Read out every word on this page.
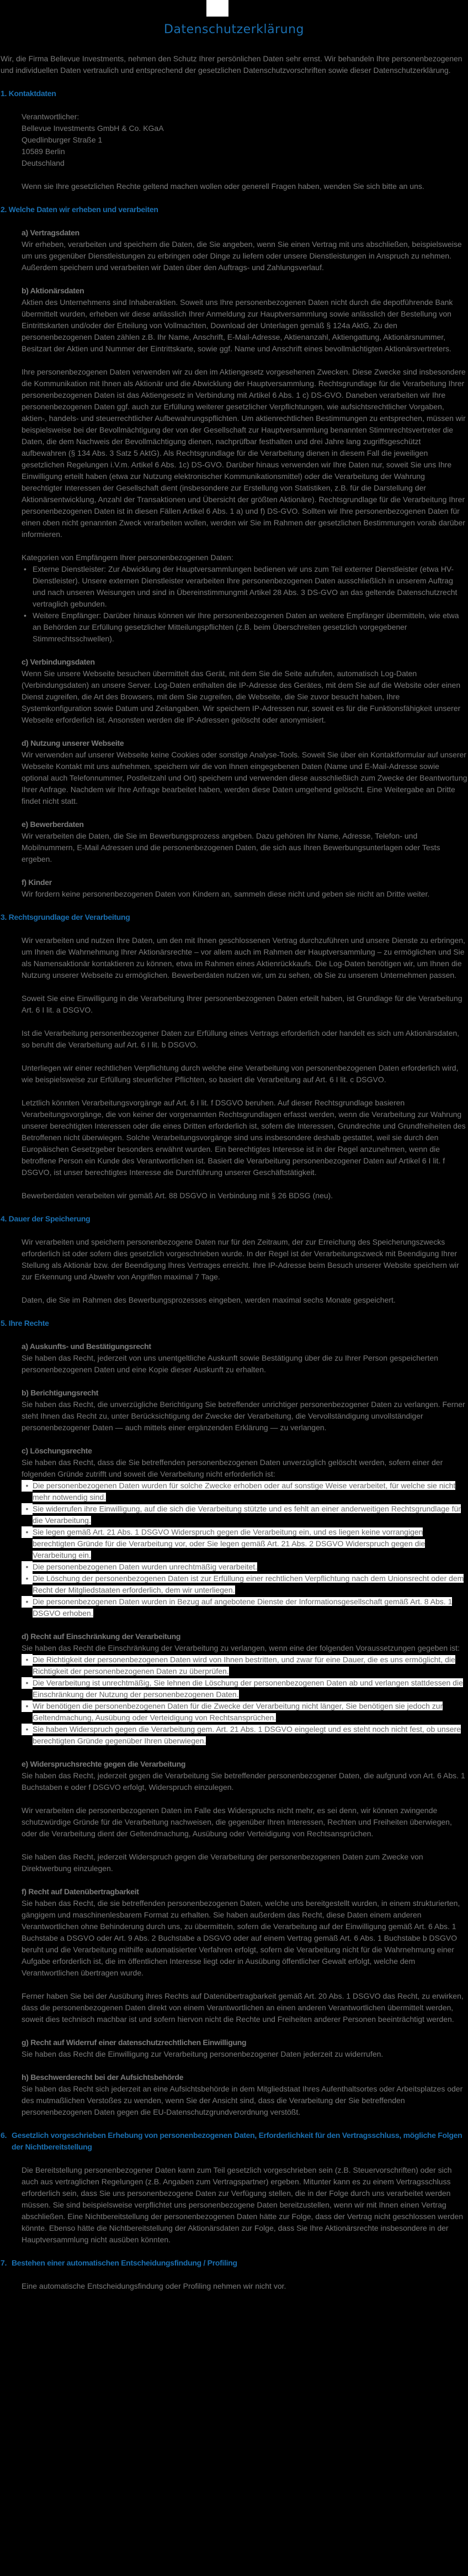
Datenschutzerklärung

Wir, die Firma Bellevue Investments, nehmen den Schutz Ihrer persönlichen Daten sehr ernst. Wir behandeln Ihre personenbezogenen und individuellen Daten vertraulich und entsprechend der gesetzlichen Datenschutzvorschriften sowie dieser Datenschutzerklärung.

1. Kontaktdaten
Verantwortlicher:
Bellevue Investments GmbH & Co. KGaA
Quedlinburger Straße 1
10589 Berlin
Deutschland

Wenn sie Ihre gesetzlichen Rechte geltend machen wollen oder generell Fragen haben, wenden Sie sich bitte an uns.

2. Welche Daten wir erheben und verarbeiten
a) Vertragsdaten

Wir erheben, verarbeiten und speichern die Daten, die Sie angeben, wenn Sie einen Vertrag mit uns abschließen, beispielsweise um uns gegenüber Dienstleistungen zu erbringen oder Dinge zu liefern oder unsere Dienstleistungen in Anspruch zu nehmen. Außerdem speichern und verarbeiten wir Daten über den Auftrags- und Zahlungsverlauf.

b) Aktionärsdaten

Aktien des Unternehmens sind Inhaberaktien. Soweit uns Ihre personenbezogenen Daten nicht durch die depotführende Bank übermittelt wurden, erheben wir diese anlässlich Ihrer Anmeldung zur Hauptversammlung sowie anlässlich der Bestellung von Eintrittskarten und/oder der Erteilung von Vollmachten, Download der Unterlagen gemäß § 124a AktG, Zu den personenbezogenen Daten zählen z.B. Ihr Name, Anschrift, E-Mail-Adresse, Aktienanzahl, Aktiengattung, Aktionärsnummer, Besitzart der Aktien und Nummer der Eintrittskarte, sowie ggf. Name und Anschrift eines bevollmächtigten Aktionärsvertreters.

Ihre personenbezogenen Daten verwenden wir zu den im Aktiengesetz vorgesehenen Zwecken. Diese Zwecke sind insbesondere die Kommunikation mit Ihnen als Aktionär und die Abwicklung der Hauptversammlung. Rechtsgrundlage für die Verarbeitung Ihrer personenbezogenen Daten ist das Aktiengesetz in Verbindung mit Artikel 6 Abs. 1 c) DS-GVO. Daneben verarbeiten wir Ihre personenbezogenen Daten ggf. auch zur Erfüllung weiterer gesetzlicher Verpflichtungen, wie aufsichtsrechtlicher Vorgaben, aktien-, handels- und steuerrechtlicher Aufbewahrungspflichten. Um aktienrechtlichen Bestimmungen zu entsprechen, müssen wir beispielsweise bei der Bevollmächtigung der von der Gesellschaft zur Hauptversammlung benannten Stimmrechtsvertreter die Daten, die dem Nachweis der Bevollmächtigung dienen, nachprüfbar festhalten und drei Jahre lang zugriffsgeschützt aufbewahren (§ 134 Abs. 3 Satz 5 AktG). Als Rechtsgrundlage für die Verarbeitung dienen in diesem Fall die jeweiligen gesetzlichen Regelungen i.V.m. Artikel 6 Abs. 1c) DS-GVO. Darüber hinaus verwenden wir Ihre Daten nur, soweit Sie uns Ihre Einwilligung erteilt haben (etwa zur Nutzung elektronischer Kommunikationsmittel) oder die Verarbeitung der Wahrung berechtigter Interessen der Gesellschaft dient (insbesondere zur Erstellung von Statistiken, z.B. für die Darstellung der Aktionärsentwicklung, Anzahl der Transaktionen und Übersicht der größten Aktionäre). Rechtsgrundlage für die Verarbeitung Ihrer personenbezogenen Daten ist in diesen Fällen Artikel 6 Abs. 1 a) und f) DS-GVO. Sollten wir Ihre personenbezogenen Daten für einen oben nicht genannten Zweck verarbeiten wollen, werden wir Sie im Rahmen der gesetzlichen Bestimmungen vorab darüber informieren.

Kategorien von Empfängern Ihrer personenbezogenen Daten:

• Externe Dienstleister: Zur Abwicklung der Hauptversammlungen bedienen wir uns zum Teil externer Dienstleister (etwa HV-Dienstleister). Unsere externen Dienstleister verarbeiten Ihre personenbezogenen Daten ausschließlich in unserem Auftrag und nach unseren Weisungen und sind in Übereinstimmungmit Artikel 28 Abs. 3 DS-GVO an das geltende Datenschutzrecht vertraglich gebunden.
• Weitere Empfänger: Darüber hinaus können wir Ihre personenbezogenen Daten an weitere Empfänger übermitteln, wie etwa an Behörden zur Erfüllung gesetzlicher Mitteilungspflichten (z.B. beim Überschreiten gesetzlich vorgegebener Stimmrechtsschwellen).
c) Verbindungsdaten

Wenn Sie unsere Webseite besuchen übermittelt das Gerät, mit dem Sie die Seite aufrufen, automatisch Log-Daten (Verbindungsdaten) an unsere Server. Log-Daten enthalten die IP-Adresse des Gerätes, mit dem Sie auf die Website oder einen Dienst zugreifen, die Art des Browsers, mit dem Sie zugreifen, die Webseite, die Sie zuvor besucht haben, Ihre Systemkonfiguration sowie Datum und Zeitangaben. Wir speichern IP-Adressen nur, soweit es für die Funktionsfähigkeit unserer Webseite erforderlich ist. Ansonsten werden die IP-Adressen gelöscht oder anonymisiert.

d) Nutzung unserer Webseite

Wir verwenden auf unserer Webseite keine Cookies oder sonstige Analyse-Tools. Soweit Sie über ein Kontaktformular auf unserer Webseite Kontakt mit uns aufnehmen, speichern wir die von Ihnen eingegebenen Daten (Name und E-Mail-Adresse sowie optional auch Telefonnummer, Postleitzahl und Ort) speichern und verwenden diese ausschließlich zum Zwecke der Beantwortung Ihrer Anfrage. Nachdem wir Ihre Anfrage bearbeitet haben, werden diese Daten umgehend gelöscht. Eine Weitergabe an Dritte findet nicht statt.

e) Bewerberdaten

Wir verarbeiten die Daten, die Sie im Bewerbungsprozess angeben. Dazu gehören Ihr Name, Adresse, Telefon- und Mobilnummern, E-Mail Adressen und die personenbezogenen Daten, die sich aus Ihren Bewerbungsunterlagen oder Tests ergeben.

f) Kinder

Wir fordern keine personenbezogenen Daten von Kindern an, sammeln diese nicht und geben sie nicht an Dritte weiter.

3. Rechtsgrundlage der Verarbeitung

Wir verarbeiten und nutzen Ihre Daten, um den mit Ihnen geschlossenen Vertrag durchzuführen und unsere Dienste zu erbringen, um Ihnen die Wahrnehmung Ihrer Aktionärsrechte – vor allem auch im Rahmen der Hauptversammlung – zu ermöglichen und Sie als Namensaktionär kontaktieren zu können, etwa im Rahmen eines Aktienrückkaufs. Die Log-Daten benötigen wir, um Ihnen die Nutzung unserer Webseite zu ermöglichen. Bewerberdaten nutzen wir, um zu sehen, ob Sie zu unserem Unternehmen passen.

Soweit Sie eine Einwilligung in die Verarbeitung Ihrer personenbezogenen Daten erteilt haben, ist Grundlage für die Verarbeitung Art. 6 I lit. a DSGVO.

Ist die Verarbeitung personenbezogener Daten zur Erfüllung eines Vertrags erforderlich oder handelt es sich um Aktionärsdaten, so beruht die Verarbeitung auf Art. 6 I lit. b DSGVO.

Unterliegen wir einer rechtlichen Verpflichtung durch welche eine Verarbeitung von personenbezogenen Daten erforderlich wird, wie beispielsweise zur Erfüllung steuerlicher Pflichten, so basiert die Verarbeitung auf Art. 6 I lit. c DSGVO.

Letztlich könnten Verarbeitungsvorgänge auf Art. 6 I lit. f DSGVO beruhen. Auf dieser Rechtsgrundlage basieren Verarbeitungsvorgänge, die von keiner der vorgenannten Rechtsgrundlagen erfasst werden, wenn die Verarbeitung zur Wahrung unserer berechtigten Interessen oder die eines Dritten erforderlich ist, sofern die Interessen, Grundrechte und Grundfreiheiten des Betroffenen nicht überwiegen. Solche Verarbeitungsvorgänge sind uns insbesondere deshalb gestattet, weil sie durch den Europäischen Gesetzgeber besonders erwähnt wurden. Ein berechtigtes Interesse ist in der Regel anzunehmen, wenn die betroffene Person ein Kunde des Verantwortlichen ist. Basiert die Verarbeitung personenbezogener Daten auf Artikel 6 I lit. f DSGVO, ist unser berechtigtes Interesse die Durchführung unserer Geschäftstätigkeit.

Bewerberdaten verarbeiten wir gemäß Art. 88 DSGVO in Verbindung mit § 26 BDSG (neu).

4. Dauer der Speicherung

Wir verarbeiten und speichern personenbezogene Daten nur für den Zeitraum, der zur Erreichung des Speicherungszwecks erforderlich ist oder sofern dies gesetzlich vorgeschrieben wurde. In der Regel ist der Verarbeitungszweck mit Beendigung Ihrer Stellung als Aktionär bzw. der Beendigung Ihres Vertrages erreicht. Ihre IP-Adresse beim Besuch unserer Website speichern wir zur Erkennung und Abwehr von Angriffen maximal 7 Tage.

Daten, die Sie im Rahmen des Bewerbungsprozesses eingeben, werden maximal sechs Monate gespeichert.

5. Ihre Rechte
a) Auskunfts- und Bestätigungsrecht

Sie haben das Recht, jederzeit von uns unentgeltliche Auskunft sowie Bestätigung über die zu Ihrer Person gespeicherten personenbezogenen Daten und eine Kopie dieser Auskunft zu erhalten.

b) Berichtigungsrecht

Sie haben das Recht, die unverzügliche Berichtigung Sie betreffender unrichtiger personenbezogener Daten zu verlangen. Ferner steht Ihnen das Recht zu, unter Berücksichtigung der Zwecke der Verarbeitung, die Vervollständigung unvollständiger personenbezogener Daten — auch mittels einer ergänzenden Erklärung — zu verlangen.

c) Löschungsrechte

Sie haben das Recht, dass die Sie betreffenden personenbezogenen Daten unverzüglich gelöscht werden, sofern einer der folgenden Gründe zutrifft und soweit die Verarbeitung nicht erforderlich ist:

• Die personenbezogenen Daten wurden für solche Zwecke erhoben oder auf sonstige Weise verarbeitet, für welche sie nicht mehr notwendig sind.
• Sie widerrufen ihre Einwilligung, auf die sich die Verarbeitung stützte und es fehlt an einer anderweitigen Rechtsgrundlage für die Verarbeitung.
• Sie legen gemäß Art. 21 Abs. 1 DSGVO Widerspruch gegen die Verarbeitung ein, und es liegen keine vorrangigen berechtigten Gründe für die Verarbeitung vor, oder Sie legen gemäß Art. 21 Abs. 2 DSGVO Widerspruch gegen die Verarbeitung ein.
• Die personenbezogenen Daten wurden unrechtmäßig verarbeitet.
• Die Löschung der personenbezogenen Daten ist zur Erfüllung einer rechtlichen Verpflichtung nach dem Unionsrecht oder dem Recht der Mitgliedstaaten erforderlich, dem wir unterliegen.
• Die personenbezogenen Daten wurden in Bezug auf angebotene Dienste der Informationsgesellschaft gemäß Art. 8 Abs. 1 DSGVO erhoben.
d) Recht auf Einschränkung der Verarbeitung

Sie haben das Recht die Einschränkung der Verarbeitung zu verlangen, wenn eine der folgenden Voraussetzungen gegeben ist:

• Die Richtigkeit der personenbezogenen Daten wird von Ihnen bestritten, und zwar für eine Dauer, die es uns ermöglicht, die Richtigkeit der personenbezogenen Daten zu überprüfen.
• Die Verarbeitung ist unrechtmäßig, Sie lehnen die Löschung der personenbezogenen Daten ab und verlangen stattdessen die Einschränkung der Nutzung der personenbezogenen Daten.
• Wir benötigen die personenbezogenen Daten für die Zwecke der Verarbeitung nicht länger, Sie benötigen sie jedoch zur Geltendmachung, Ausübung oder Verteidigung von Rechtsansprüchen.
• Sie haben Widerspruch gegen die Verarbeitung gem. Art. 21 Abs. 1 DSGVO eingelegt und es steht noch nicht fest, ob unsere berechtigten Gründe gegenüber Ihren überwiegen.
e) Widerspruchsrechte gegen die Verarbeitung

Sie haben das Recht, jederzeit gegen die Verarbeitung Sie betreffender personenbezogener Daten, die aufgrund von Art. 6 Abs. 1 Buchstaben e oder f DSGVO erfolgt, Widerspruch einzulegen.

Wir verarbeiten die personenbezogenen Daten im Falle des Widerspruchs nicht mehr, es sei denn, wir können zwingende schutzwürdige Gründe für die Verarbeitung nachweisen, die gegenüber Ihren Interessen, Rechten und Freiheiten überwiegen, oder die Verarbeitung dient der Geltendmachung, Ausübung oder Verteidigung von Rechtsansprüchen.

Sie haben das Recht, jederzeit Widerspruch gegen die Verarbeitung der personenbezogenen Daten zum Zwecke von Direktwerbung einzulegen.

f) Recht auf Datenübertragbarkeit

Sie haben das Recht, die sie betreffenden personenbezogenen Daten, welche uns bereitgestellt wurden, in einem strukturierten, gängigem und maschinenlesbarem Format zu erhalten. Sie haben außerdem das Recht, diese Daten einem anderen Verantwortlichen ohne Behinderung durch uns, zu übermitteln, sofern die Verarbeitung auf der Einwilligung gemäß Art. 6 Abs. 1 Buchstabe a DSGVO oder Art. 9 Abs. 2 Buchstabe a DSGVO oder auf einem Vertrag gemäß Art. 6 Abs. 1 Buchstabe b DSGVO beruht und die Verarbeitung mithilfe automatisierter Verfahren erfolgt, sofern die Verarbeitung nicht für die Wahrnehmung einer Aufgabe erforderlich ist, die im öffentlichen Interesse liegt oder in Ausübung öffentlicher Gewalt erfolgt, welche dem Verantwortlichen übertragen wurde.

Ferner haben Sie bei der Ausübung ihres Rechts auf Datenübertragbarkeit gemäß Art. 20 Abs. 1 DSGVO das Recht, zu erwirken, dass die personenbezogenen Daten direkt von einem Verantwortlichen an einen anderen Verantwortlichen übermittelt werden, soweit dies technisch machbar ist und sofern hiervon nicht die Rechte und Freiheiten anderer Personen beeinträchtigt werden.

g) Recht auf Widerruf einer datenschutzrechtlichen Einwilligung

Sie haben das Recht die Einwilligung zur Verarbeitung personenbezogener Daten jederzeit zu widerrufen.

h) Beschwerderecht bei der Aufsichtsbehörde

Sie haben das Recht sich jederzeit an eine Aufsichtsbehörde in dem Mitgliedstaat Ihres Aufenthaltsortes oder Arbeitsplatzes oder des mutmaßlichen Verstoßes zu wenden, wenn Sie der Ansicht sind, dass die Verarbeitung der Sie betreffenden personenbezogenen Daten gegen die EU-Datenschutzgrundverordnung verstößt.

6. Gesetzlich vorgeschrieben Erhebung von personenbezogenen Daten, Erforderlichkeit für den Vertragsschluss, mögliche Folgen der Nichtbereitstellung

Die Bereitstellung personenbezogener Daten kann zum Teil gesetzlich vorgeschrieben sein (z.B. Steuervorschriften) oder sich auch aus vertraglichen Regelungen (z.B. Angaben zum Vertragspartner) ergeben. Mitunter kann es zu einem Vertragsschluss erforderlich sein, dass Sie uns personenbezogene Daten zur Verfügung stellen, die in der Folge durch uns verarbeitet werden müssen. Sie sind beispielsweise verpflichtet uns personenbezogene Daten bereitzustellen, wenn wir mit Ihnen einen Vertrag abschließen. Eine Nichtbereitstellung der personenbezogenen Daten hätte zur Folge, dass der Vertrag nicht geschlossen werden könnte. Ebenso hätte die Nichtbereitstellung der Aktionärsdaten zur Folge, dass Sie Ihre Aktionärsrechte insbesondere in der Hauptversammlung nicht ausüben könnten.

7. Bestehen einer automatischen Entscheidungsfindung / Profiling

Eine automatische Entscheidungsfindung oder Profiling nehmen wir nicht vor.
